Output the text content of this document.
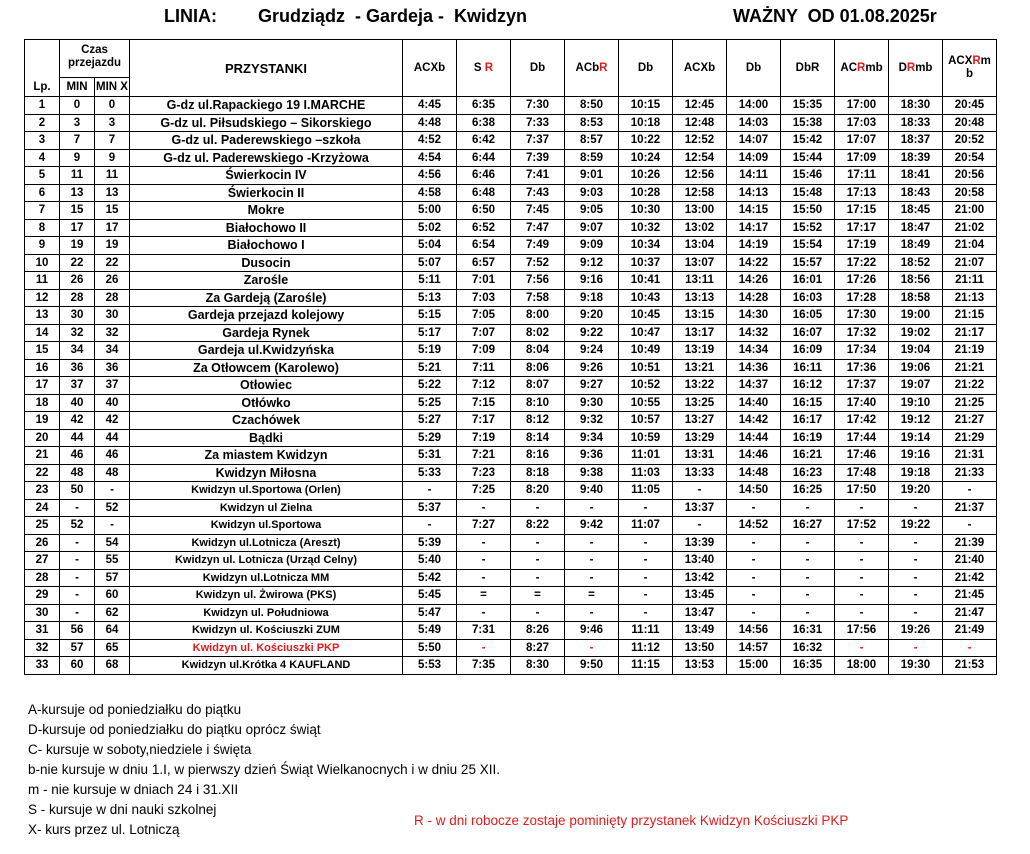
LINIA: Grudziądz  - Gardeja -  Kwidzyn	WAŻNY  OD 01.08.2025r
Lp.	Czas przejazdu		PRZYSTANKI	ACXb	S R	Db	ACbR	Db	ACXb	Db	DbR	ACRmb	DRmb	ACXRm
b
	MIN	MIN X												
1	0	0	G-dz ul.Rapackiego 19 I.MARCHE	4:45	6:35	7:30	8:50	10:15	12:45	14:00	15:35	17:00	18:30	20:45
2	3	3	G-dz ul. Piłsudskiego – Sikorskiego	4:48	6:38	7:33	8:53	10:18	12:48	14:03	15:38	17:03	18:33	20:48
3	7	7	G-dz ul. Paderewskiego –szkoła	4:52	6:42	7:37	8:57	10:22	12:52	14:07	15:42	17:07	18:37	20:52
4	9	9	G-dz ul. Paderewskiego -Krzyżowa	4:54	6:44	7:39	8:59	10:24	12:54	14:09	15:44	17:09	18:39	20:54
5	11	11	Świerkocin IV	4:56	6:46	7:41	9:01	10:26	12:56	14:11	15:46	17:11	18:41	20:56
6	13	13	Świerkocin II	4:58	6:48	7:43	9:03	10:28	12:58	14:13	15:48	17:13	18:43	20:58
7	15	15	Mokre	5:00	6:50	7:45	9:05	10:30	13:00	14:15	15:50	17:15	18:45	21:00
8	17	17	Białochowo II	5:02	6:52	7:47	9:07	10:32	13:02	14:17	15:52	17:17	18:47	21:02
9	19	19	Białochowo I	5:04	6:54	7:49	9:09	10:34	13:04	14:19	15:54	17:19	18:49	21:04
10	22	22	Dusocin	5:07	6:57	7:52	9:12	10:37	13:07	14:22	15:57	17:22	18:52	21:07
11	26	26	Zarośle	5:11	7:01	7:56	9:16	10:41	13:11	14:26	16:01	17:26	18:56	21:11
12	28	28	Za Gardeją (Zarośle)	5:13	7:03	7:58	9:18	10:43	13:13	14:28	16:03	17:28	18:58	21:13
13	30	30	Gardeja przejazd kolejowy	5:15	7:05	8:00	9:20	10:45	13:15	14:30	16:05	17:30	19:00	21:15
14	32	32	Gardeja Rynek	5:17	7:07	8:02	9:22	10:47	13:17	14:32	16:07	17:32	19:02	21:17
15	34	34	Gardeja ul.Kwidzyńska	5:19	7:09	8:04	9:24	10:49	13:19	14:34	16:09	17:34	19:04	21:19
16	36	36	Za Otłowcem (Karolewo)	5:21	7:11	8:06	9:26	10:51	13:21	14:36	16:11	17:36	19:06	21:21
17	37	37	Otłowiec	5:22	7:12	8:07	9:27	10:52	13:22	14:37	16:12	17:37	19:07	21:22
18	40	40	Otłówko	5:25	7:15	8:10	9:30	10:55	13:25	14:40	16:15	17:40	19:10	21:25
19	42	42	Czachówek	5:27	7:17	8:12	9:32	10:57	13:27	14:42	16:17	17:42	19:12	21:27
20	44	44	Bądki	5:29	7:19	8:14	9:34	10:59	13:29	14:44	16:19	17:44	19:14	21:29
21	46	46	Za miastem Kwidzyn	5:31	7:21	8:16	9:36	11:01	13:31	14:46	16:21	17:46	19:16	21:31
22	48	48	Kwidzyn Miłosna	5:33	7:23	8:18	9:38	11:03	13:33	14:48	16:23	17:48	19:18	21:33
23	50	-	Kwidzyn ul.Sportowa (Orlen)	-	7:25	8:20	9:40	11:05	-	14:50	16:25	17:50	19:20	-
24	-	52	Kwidzyn ul Zielna	5:37	-	-	-	-	13:37	-	-	-	-	21:37
25	52	-	Kwidzyn ul.Sportowa	-	7:27	8:22	9:42	11:07	-	14:52	16:27	17:52	19:22	-
26	-	54	Kwidzyn ul.Lotnicza (Areszt)	5:39	-	-	-	-	13:39	-	-	-	-	21:39
27	-	55	Kwidzyn ul. Lotnicza (Urząd Celny)	5:40	-	-	-	-	13:40	-	-	-	-	21:40
28	-	57	Kwidzyn ul.Lotnicza MM	5:42	-	-	-	-	13:42	-	-	-	-	21:42
29	-	60	Kwidzyn ul. Żwirowa (PKS)	5:45	=	=	=	-	13:45	-	-	-	-	21:45
30	-	62	Kwidzyn ul. Południowa	5:47	-	-	-	-	13:47	-	-	-	-	21:47
31	56	64	Kwidzyn ul. Kościuszki ZUM	5:49	7:31	8:26	9:46	11:11	13:49	14:56	16:31	17:56	19:26	21:49
32	57	65	Kwidzyn ul. Kościuszki PKP	5:50	-	8:27	-	11:12	13:50	14:57	16:32	-	-	-
33	60	68	Kwidzyn ul.Krótka 4 KAUFLAND	5:53	7:35	8:30	9:50	11:15	13:53	15:00	16:35	18:00	19:30	21:53
A-kursuje od poniedziałku do piątku
D-kursuje od poniedziałku do piątku oprócz świąt
C- kursuje w soboty,niedziele i święta
b-nie kursuje w dniu 1.I, w pierwszy dzień Świąt Wielkanocnych i w dniu 25 XII.
m - nie kursuje w dniach 24 i 31.XII
S - kursuje w dni nauki szkolnej
X- kurs przez ul. Lotniczą
R - w dni robocze zostaje pominięty przystanek Kwidzyn Kościuszki PKP
